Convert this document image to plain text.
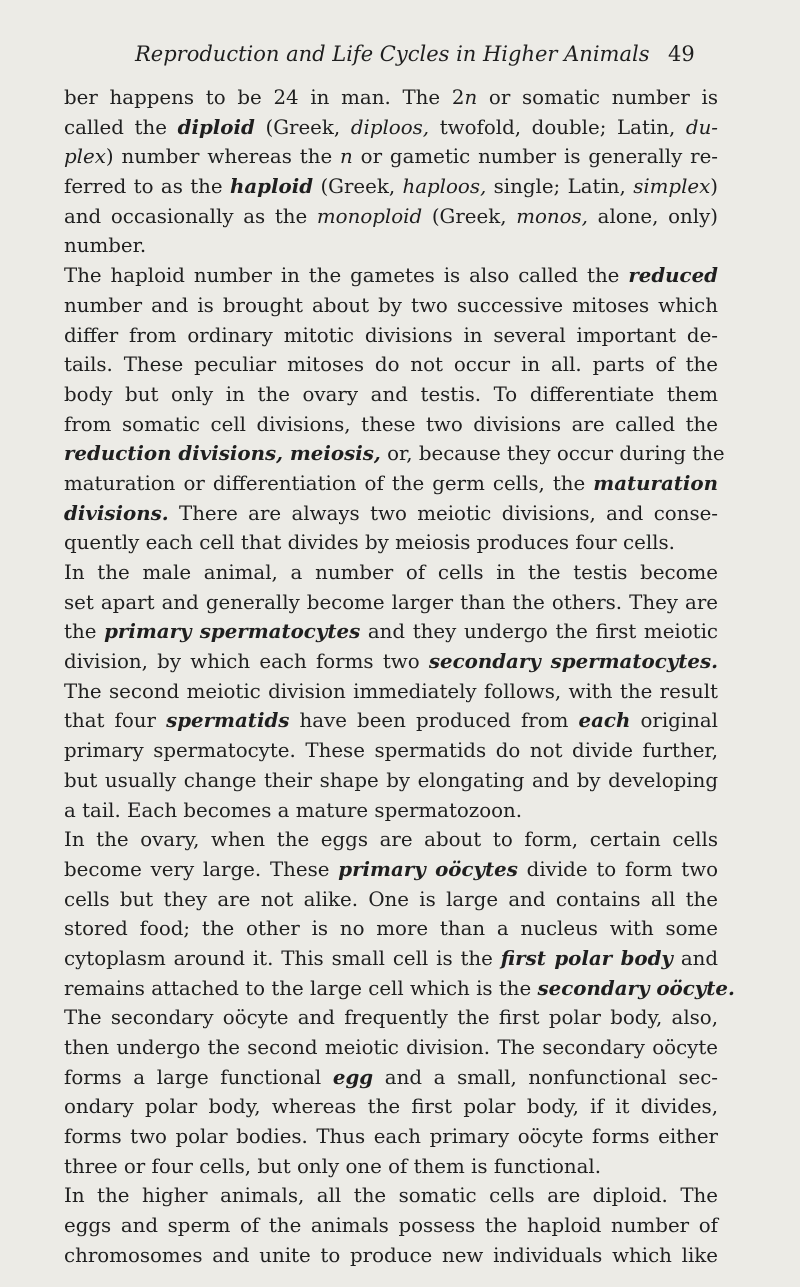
Reproduction and Life Cycles in Higher Animals 49
ber happens to be 24 in man. The 2n or somatic number is
called the diploid (Greek, diploos, twofold, double; Latin, du-
plex) number whereas the n or gametic number is generally re-
ferred to as the haploid (Greek, haploos, single; Latin, simplex)
and occasionally as the monoploid (Greek, monos, alone, only)
number.
The haploid number in the gametes is also called the reduced
number and is brought about by two successive mitoses which
differ from ordinary mitotic divisions in several important de-
tails. These peculiar mitoses do not occur in all. parts of the
body but only in the ovary and testis. To differentiate them
from somatic cell divisions, these two divisions are called the
reduction divisions, meiosis, or, because they occur during the
maturation or differentiation of the germ cells, the maturation
divisions. There are always two meiotic divisions, and conse-
quently each cell that divides by meiosis produces four cells.
In the male animal, a number of cells in the testis become
set apart and generally become larger than the others. They are
the primary spermatocytes and they undergo the first meiotic
division, by which each forms two secondary spermatocytes.
The second meiotic division immediately follows, with the result
that four spermatids have been produced from each original
primary spermatocyte. These spermatids do not divide further,
but usually change their shape by elongating and by developing
a tail. Each becomes a mature spermatozoon.
In the ovary, when the eggs are about to form, certain cells
become very large. These primary oöcytes divide to form two
cells but they are not alike. One is large and contains all the
stored food; the other is no more than a nucleus with some
cytoplasm around it. This small cell is the first polar body and
remains attached to the large cell which is the secondary oöcyte.
The secondary oöcyte and frequently the first polar body, also,
then undergo the second meiotic division. The secondary oöcyte
forms a large functional egg and a small, nonfunctional sec-
ondary polar body, whereas the first polar body, if it divides,
forms two polar bodies. Thus each primary oöcyte forms either
three or four cells, but only one of them is functional.
In the higher animals, all the somatic cells are diploid. The
eggs and sperm of the animals possess the haploid number of
chromosomes and unite to produce new individuals which like
